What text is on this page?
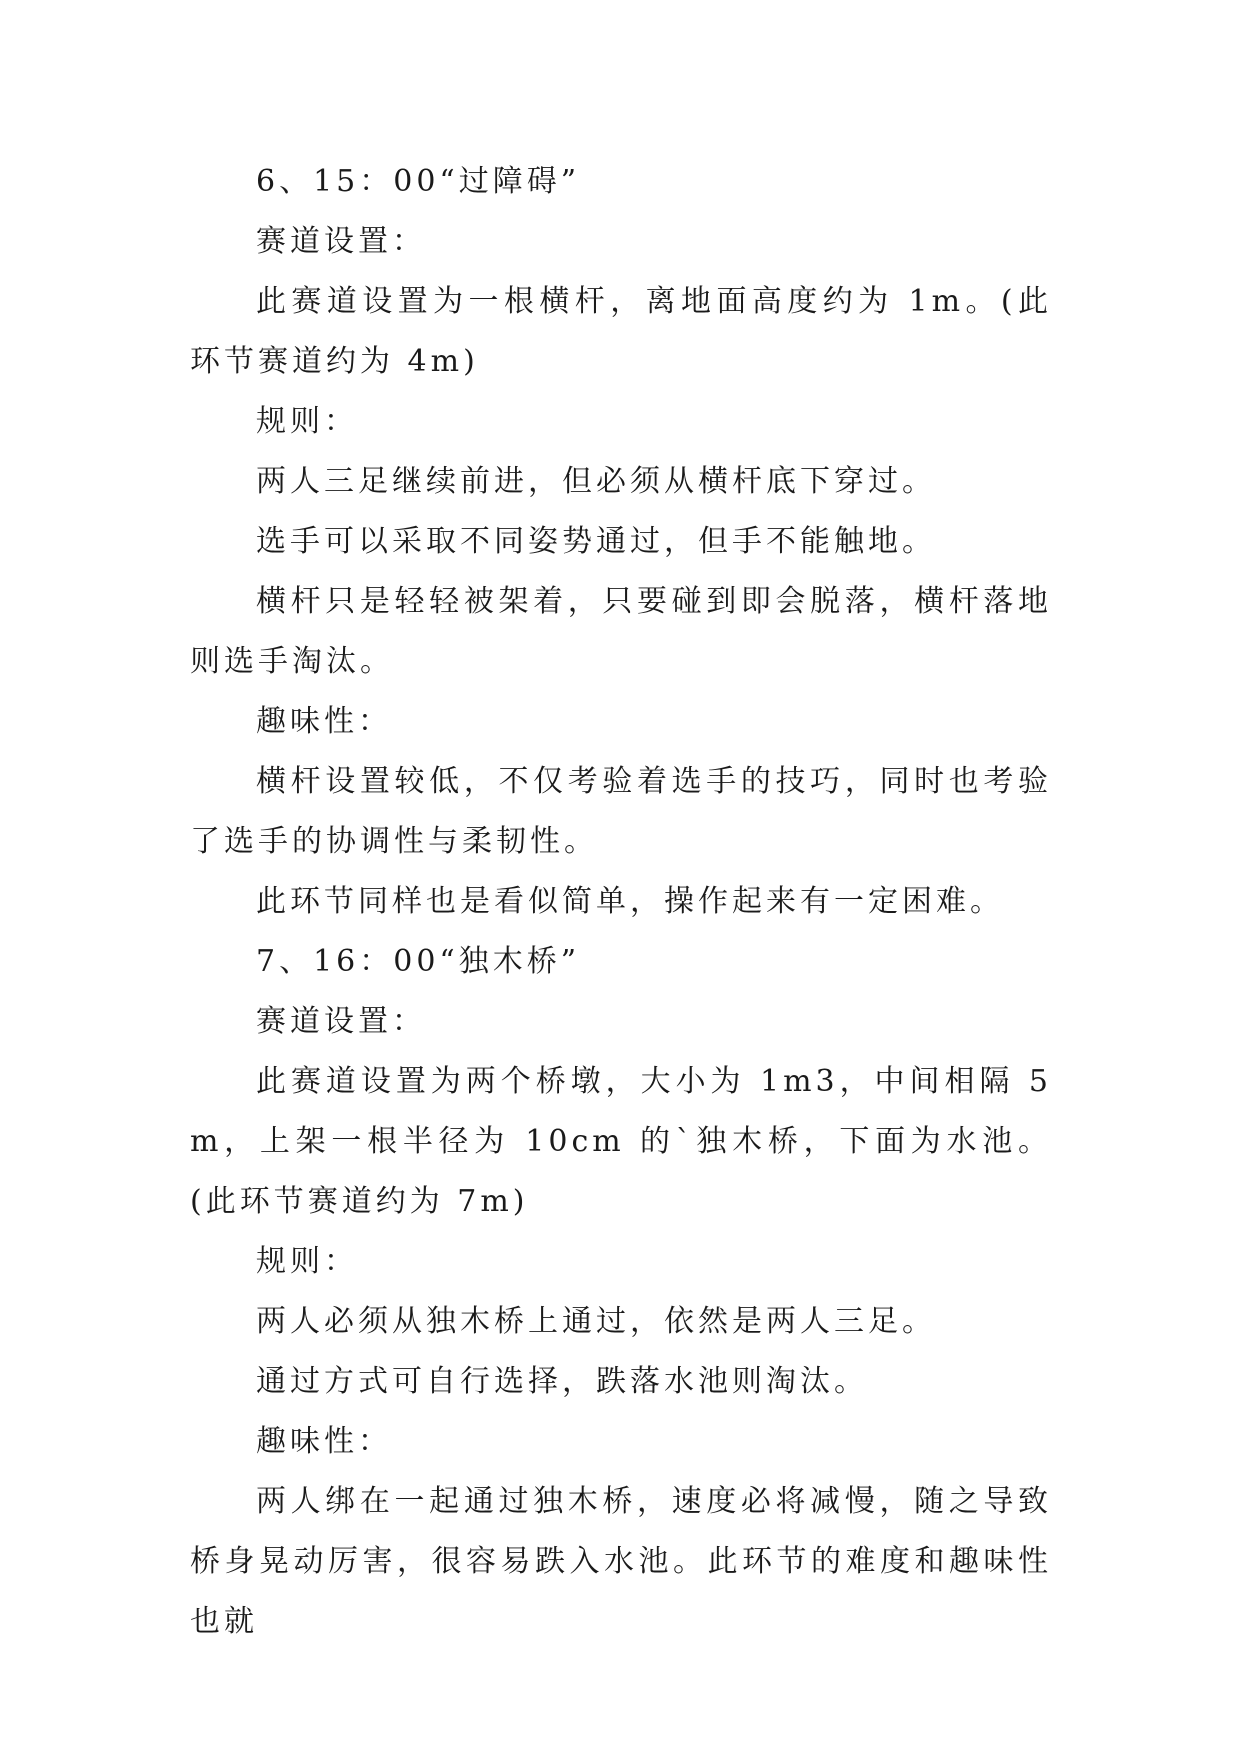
6、15：00“过障碍”

赛道设置：

此赛道设置为一根横杆，离地面高度约为 1m。(此环节赛道约为 4m)

规则：

两人三足继续前进，但必须从横杆底下穿过。

选手可以采取不同姿势通过，但手不能触地。

横杆只是轻轻被架着，只要碰到即会脱落，横杆落地则选手淘汰。

趣味性：

横杆设置较低，不仅考验着选手的技巧，同时也考验了选手的协调性与柔韧性。

此环节同样也是看似简单，操作起来有一定困难。

7、16：00“独木桥”

赛道设置：

此赛道设置为两个桥墩，大小为 1m3，中间相隔 5m，上架一根半径为 10cm 的`独木桥，下面为水池。(此环节赛道约为 7m)

规则：

两人必须从独木桥上通过，依然是两人三足。

通过方式可自行选择，跌落水池则淘汰。

趣味性：

两人绑在一起通过独木桥，速度必将减慢，随之导致桥身晃动厉害，很容易跌入水池。此环节的难度和趣味性也就
